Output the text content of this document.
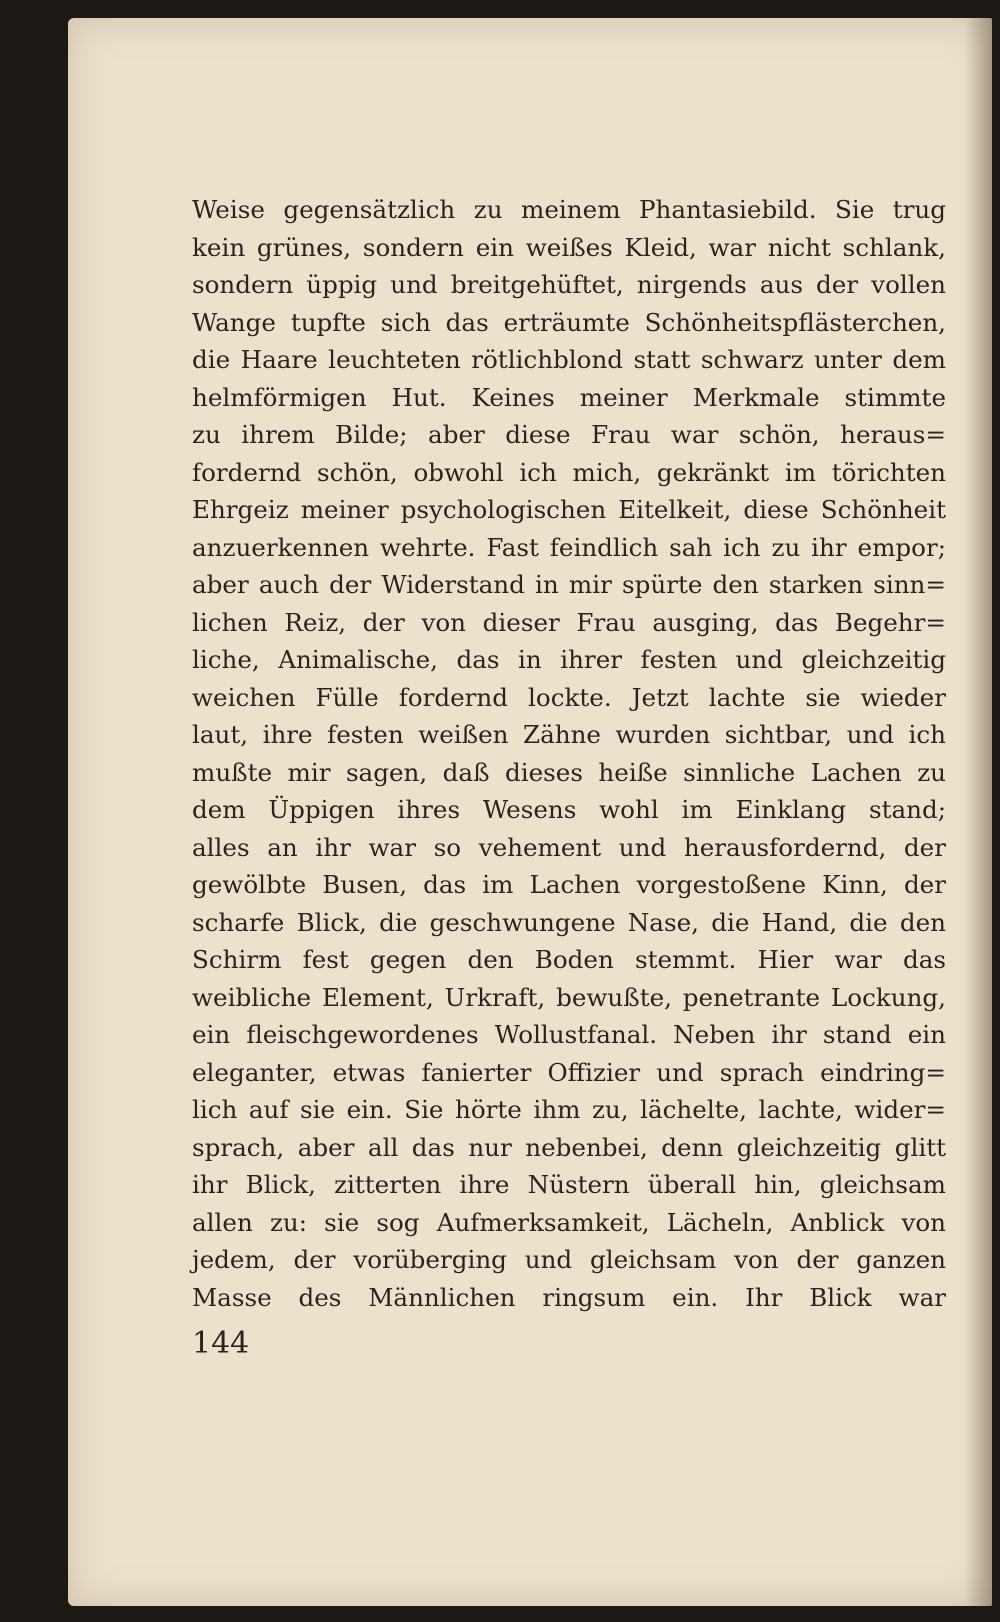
Weise gegensätzlich zu meinem Phantasiebild. Sie trug
kein grünes, sondern ein weißes Kleid, war nicht schlank,
sondern üppig und breitgehüftet, nirgends aus der vollen
Wange tupfte sich das erträumte Schönheitspflästerchen,
die Haare leuchteten rötlichblond statt schwarz unter dem
helmförmigen Hut. Keines meiner Merkmale stimmte
zu ihrem Bilde; aber diese Frau war schön, heraus=
fordernd schön, obwohl ich mich, gekränkt im törichten
Ehrgeiz meiner psychologischen Eitelkeit, diese Schönheit
anzuerkennen wehrte. Fast feindlich sah ich zu ihr empor;
aber auch der Widerstand in mir spürte den starken sinn=
lichen Reiz, der von dieser Frau ausging, das Begehr=
liche, Animalische, das in ihrer festen und gleichzeitig
weichen Fülle fordernd lockte. Jetzt lachte sie wieder
laut, ihre festen weißen Zähne wurden sichtbar, und ich
mußte mir sagen, daß dieses heiße sinnliche Lachen zu
dem Üppigen ihres Wesens wohl im Einklang stand;
alles an ihr war so vehement und herausfordernd, der
gewölbte Busen, das im Lachen vorgestoßene Kinn, der
scharfe Blick, die geschwungene Nase, die Hand, die den
Schirm fest gegen den Boden stemmt. Hier war das
weibliche Element, Urkraft, bewußte, penetrante Lockung,
ein fleischgewordenes Wollustfanal. Neben ihr stand ein
eleganter, etwas fanierter Offizier und sprach eindring=
lich auf sie ein. Sie hörte ihm zu, lächelte, lachte, wider=
sprach, aber all das nur nebenbei, denn gleichzeitig glitt
ihr Blick, zitterten ihre Nüstern überall hin, gleichsam
allen zu: sie sog Aufmerksamkeit, Lächeln, Anblick von
jedem, der vorüberging und gleichsam von der ganzen
Masse des Männlichen ringsum ein. Ihr Blick war
144
